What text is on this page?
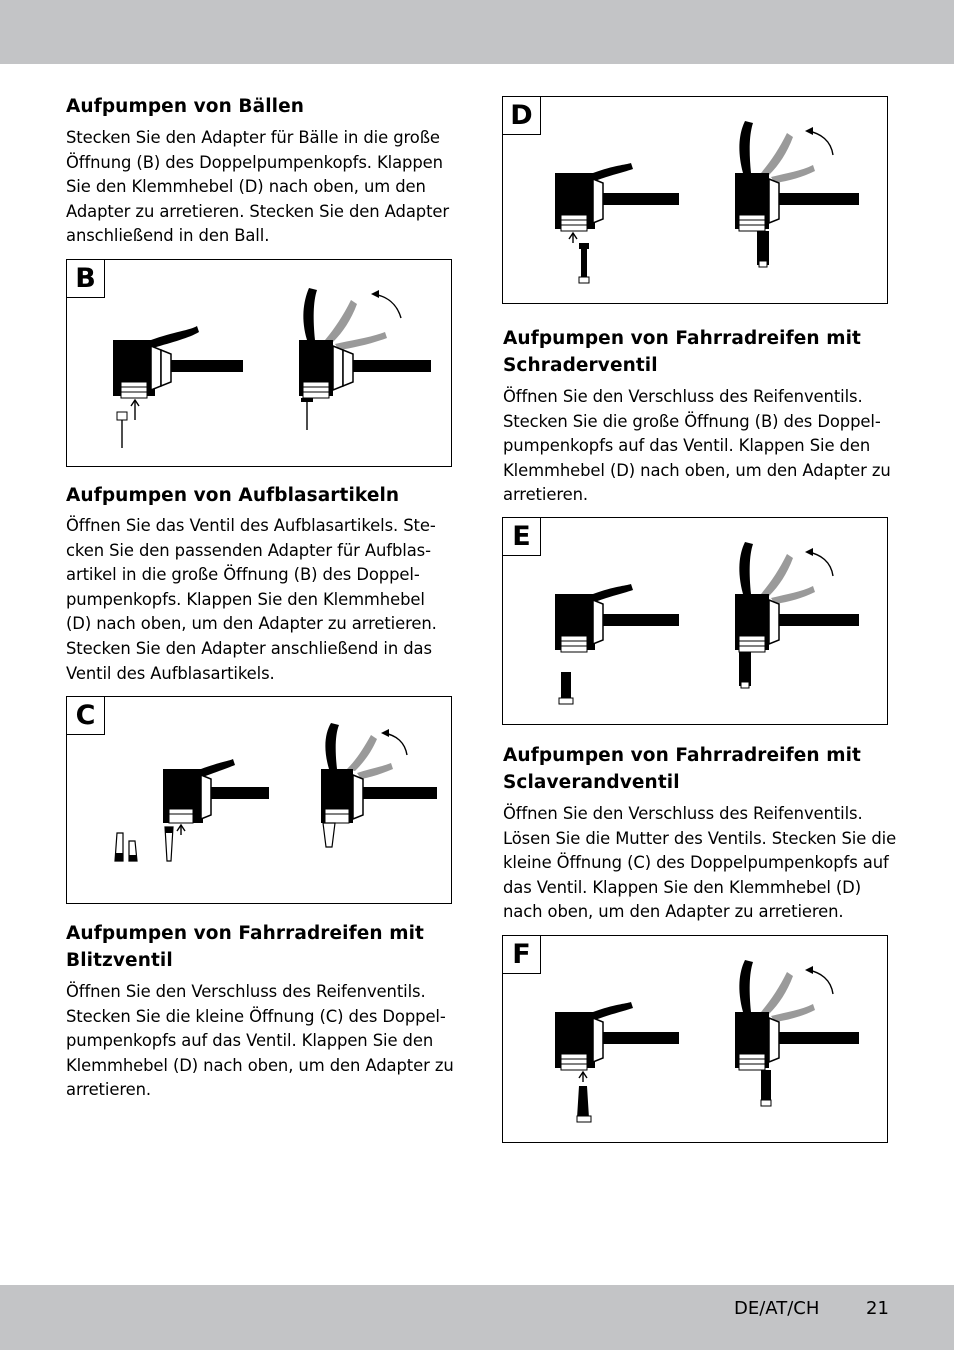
Aufpumpen von Bällen

Stecken Sie den Adapter für Bälle in die große
Öffnung (B) des Doppelpumpenkopfs. Klappen
Sie den Klemmhebel (D) nach oben, um den
Adapter zu arretieren. Stecken Sie den Adapter
anschließend in den Ball.

B
Aufpumpen von Aufblasartikeln

Öffnen Sie das Ventil des Aufblasartikels. Ste-
cken Sie den passenden Adapter für Aufblas-
artikel in die große Öffnung (B) des Doppel-
pumpenkopfs. Klappen Sie den Klemmhebel
(D) nach oben, um den Adapter zu arretieren.
Stecken Sie den Adapter anschließend in das
Ventil des Aufblasartikels.

C
Aufpumpen von Fahrradreifen mit
Blitzventil

Öffnen Sie den Verschluss des Reifenventils.
Stecken Sie die kleine Öffnung (C) des Doppel-
pumpenkopfs auf das Ventil. Klappen Sie den
Klemmhebel (D) nach oben, um den Adapter zu
arretieren.

D
Aufpumpen von Fahrradreifen mit
Schraderventil

Öffnen Sie den Verschluss des Reifenventils.
Stecken Sie die große Öffnung (B) des Doppel-
pumpenkopfs auf das Ventil. Klappen Sie den
Klemmhebel (D) nach oben, um den Adapter zu
arretieren.

E
Aufpumpen von Fahrradreifen mit
Sclaverandventil

Öffnen Sie den Verschluss des Reifenventils.
Lösen Sie die Mutter des Ventils. Stecken Sie die
kleine Öffnung (C) des Doppelpumpenkopfs auf
das Ventil. Klappen Sie den Klemmhebel (D)
nach oben, um den Adapter zu arretieren.

F
DE/AT/CH	21
